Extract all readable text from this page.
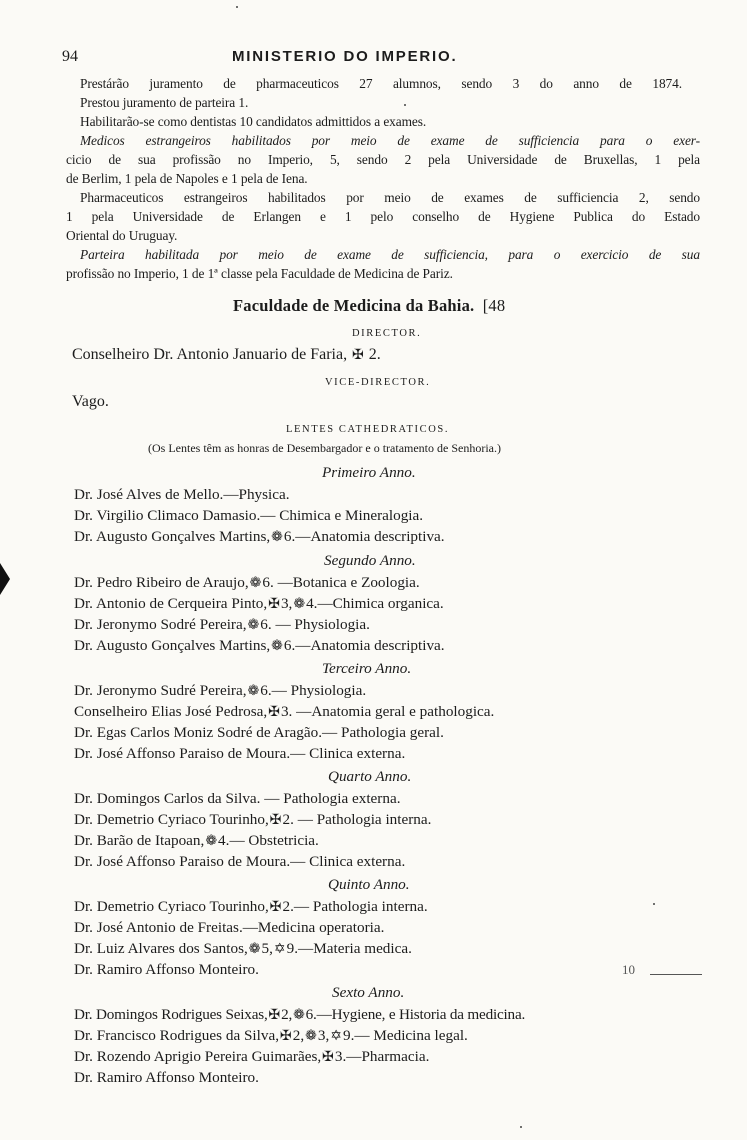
94	MINISTERIO DO IMPERIO.
Prestárão juramento de pharmaceuticos 27 alumnos, sendo 3 do anno de 1874.
Prestou juramento de parteira 1.
Habilitarão-se como dentistas 10 candidatos admittidos a exames.
Medicos estrangeiros habilitados por meio de exame de sufficiencia para o exer-
cicio de sua profissão no Imperio, 5, sendo 2 pela Universidade de Bruxellas, 1 pela
de Berlim, 1 pela de Napoles e 1 pela de Iena.
Pharmaceuticos estrangeiros habilitados por meio de exames de sufficiencia 2, sendo
1 pela Universidade de Erlangen e 1 pelo conselho de Hygiene Publica do Estado
Oriental do Uruguay.
Parteira habilitada por meio de exame de sufficiencia, para o exercicio de sua
profissão no Imperio, 1 de 1ª classe pela Faculdade de Medicina de Pariz.
Faculdade de Medicina da Bahia. [48
DIRECTOR.
Conselheiro Dr. Antonio Januario de Faria, ✠ 2.
VICE-DIRECTOR.
Vago.
LENTES CATHEDRATICOS.
(Os Lentes têm as honras de Desembargador e o tratamento de Senhoria.)
Primeiro Anno.
Dr. José Alves de Mello.—Physica.
Dr. Virgilio Climaco Damasio.— Chimica e Mineralogia.
Dr. Augusto Gonçalves Martins,❁6.—Anatomia descriptiva.
Segundo Anno.
Dr. Pedro Ribeiro de Araujo,❁6. —Botanica e Zoologia.
Dr. Antonio de Cerqueira Pinto,✠3,❁4.—Chimica organica.
Dr. Jeronymo Sodré Pereira,❁6. — Physiologia.
Dr. Augusto Gonçalves Martins,❁6.—Anatomia descriptiva.
Terceiro Anno.
Dr. Jeronymo Sudré Pereira,❁6.— Physiologia.
Conselheiro Elias José Pedrosa,✠3. —Anatomia geral e pathologica.
Dr. Egas Carlos Moniz Sodré de Aragão.— Pathologia geral.
Dr. José Affonso Paraiso de Moura.— Clinica externa.
Quarto Anno.
Dr. Domingos Carlos da Silva. — Pathologia externa.
Dr. Demetrio Cyriaco Tourinho,✠2. — Pathologia interna.
Dr. Barão de Itapoan,❁4.— Obstetricia.
Dr. José Affonso Paraiso de Moura.— Clinica externa.
Quinto Anno.
Dr. Demetrio Cyriaco Tourinho,✠2.— Pathologia interna.
Dr. José Antonio de Freitas.—Medicina operatoria.
Dr. Luiz Alvares dos Santos,❁5,✡9.—Materia medica.
Dr. Ramiro Affonso Monteiro.
Sexto Anno.
Dr. Domingos Rodrigues Seixas,✠2,❁6.—Hygiene, e Historia da medicina.
Dr. Francisco Rodrigues da Silva,✠2,❁3,✡9.— Medicina legal.
Dr. Rozendo Aprigio Pereira Guimarães,✠3.—Pharmacia.
Dr. Ramiro Affonso Monteiro.
10
